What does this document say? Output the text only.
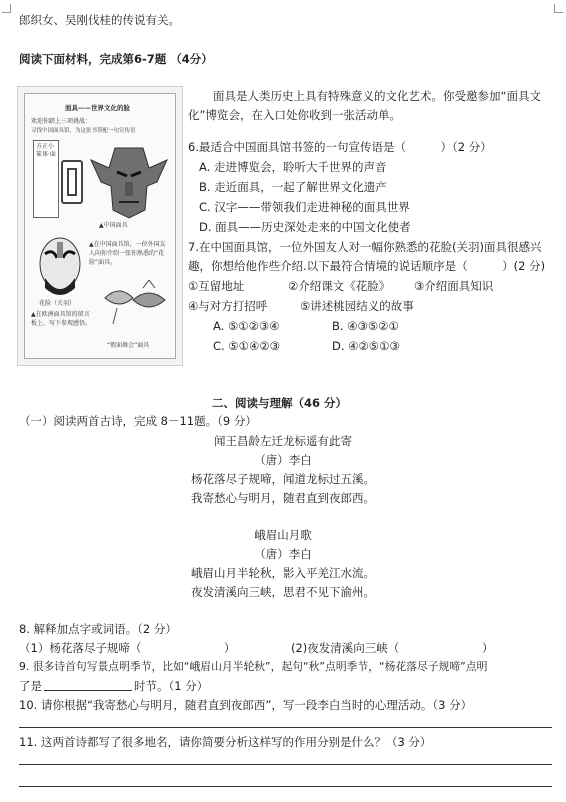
郎织女、吴刚伐桂的传说有关。
阅读下面材料，完成第6-7题 （4分）
面具——世界文化的脸
欢迎你踏上三项挑战：
寻找中国面具馆，为这张书签配一句宣传语
方正小篆体·面
▲中国面具
花脸（关羽）
▲在中国面具馆，一位外国友人向你介绍一张你熟悉的“花脸”面具。
▲在欧洲面具馆的留言板上，写下参观感悟。
“假面舞会”面具
面具是人类历史上具有特殊意义的文化艺术。你受邀参加“面具文
化”博览会，在入口处你收到一张活动单。
6.最适合中国面具馆书签的一句宣传语是（　　　）（2 分）
A. 走进博览会，聆听大千世界的声音
B. 走近面具，一起了解世界文化遗产
C. 汉字——带领我们走进神秘的面具世界
D. 面具——历史深处走来的中国文化使者
7.在中国面具馆，一位外国友人对一幅你熟悉的花脸(关羽)面具很感兴
趣，你想给他作些介绍.以下最符合情境的说话顺序是（　　　）(2 分)
①互留地址	②介绍课文《花脸》 ③介绍面具知识
④与对方打招呼	⑤讲述桃园结义的故事
A. ⑤①②③④	B. ④③⑤②①
C. ⑤①④②③	D. ④②⑤①③
二、阅读与理解（46 分）
（一）阅读两首古诗，完成 8－11题。（9 分）
闻王昌龄左迁龙标遥有此寄
（唐）李白
杨花落尽子规啼，闻道龙标过五溪。
我寄愁心与明月，随君直到夜郎西。
峨眉山月歌
（唐）李白
峨眉山月半轮秋，影入平羌江水流。
夜发清溪向三峡，思君不见下渝州。
8. 解释加点字或词语。（2 分）
（1）杨花落尽子规啼（	）	(2)夜发清溪向三峡（	）
9. 很多诗首句写景点明季节，比如“峨眉山月半轮秋”，起句“秋”点明季节，“杨花落尽子规啼”点明
了是	时节。（1 分）
10. 请你根据“我寄愁心与明月，随君直到夜郎西”，写一段李白当时的心理活动。（3 分）
11. 这两首诗都写了很多地名，请你简要分析这样写的作用分别是什么？（3 分）
